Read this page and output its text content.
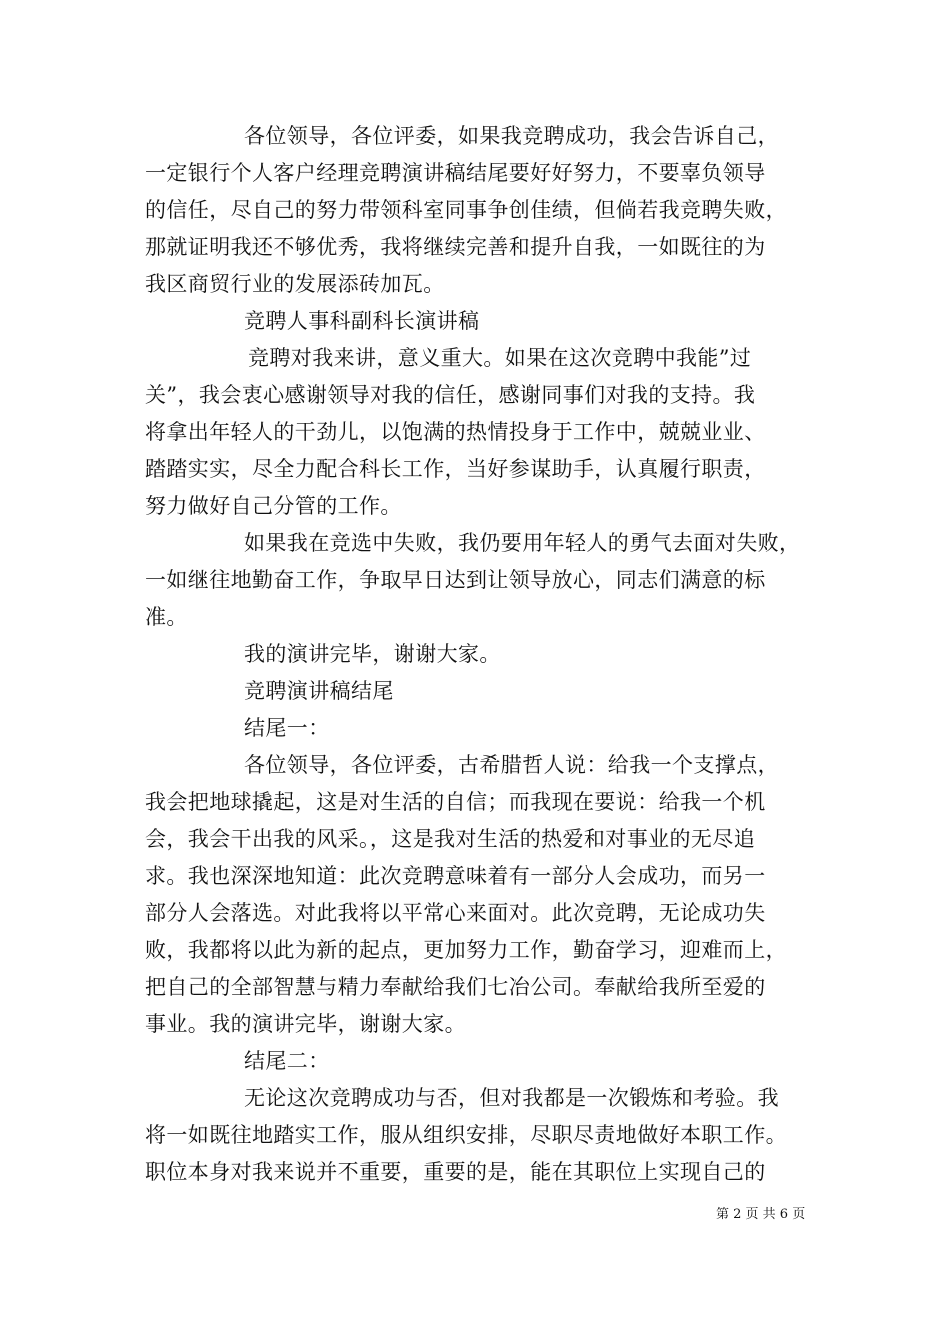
各位领导，各位评委，如果我竞聘成功，我会告诉自己，
一定银行个人客户经理竞聘演讲稿结尾要好好努力，不要辜负领导
的信任，尽自己的努力带领科室同事争创佳绩，但倘若我竞聘失败，
那就证明我还不够优秀，我将继续完善和提升自我，一如既往的为
我区商贸行业的发展添砖加瓦。
竞聘人事科副科长演讲稿
竞聘对我来讲，意义重大。如果在这次竞聘中我能”过
关”，我会衷心感谢领导对我的信任，感谢同事们对我的支持。我
将拿出年轻人的干劲儿，以饱满的热情投身于工作中，兢兢业业、
踏踏实实，尽全力配合科长工作，当好参谋助手，认真履行职责，
努力做好自己分管的工作。
如果我在竞选中失败，我仍要用年轻人的勇气去面对失败，
一如继往地勤奋工作，争取早日达到让领导放心，同志们满意的标
准。
我的演讲完毕，谢谢大家。
竞聘演讲稿结尾
结尾一：
各位领导，各位评委，古希腊哲人说：给我一个支撑点，
我会把地球撬起，这是对生活的自信；而我现在要说：给我一个机
会，我会干出我的风采。，这是我对生活的热爱和对事业的无尽追
求。我也深深地知道：此次竞聘意味着有一部分人会成功，而另一
部分人会落选。对此我将以平常心来面对。此次竞聘，无论成功失
败，我都将以此为新的起点，更加努力工作，勤奋学习，迎难而上，
把自己的全部智慧与精力奉献给我们七冶公司。奉献给我所至爱的
事业。我的演讲完毕，谢谢大家。
结尾二：
无论这次竞聘成功与否，但对我都是一次锻炼和考验。我
将一如既往地踏实工作，服从组织安排，尽职尽责地做好本职工作。
职位本身对我来说并不重要，重要的是，能在其职位上实现自己的
第 2 页 共 6 页
